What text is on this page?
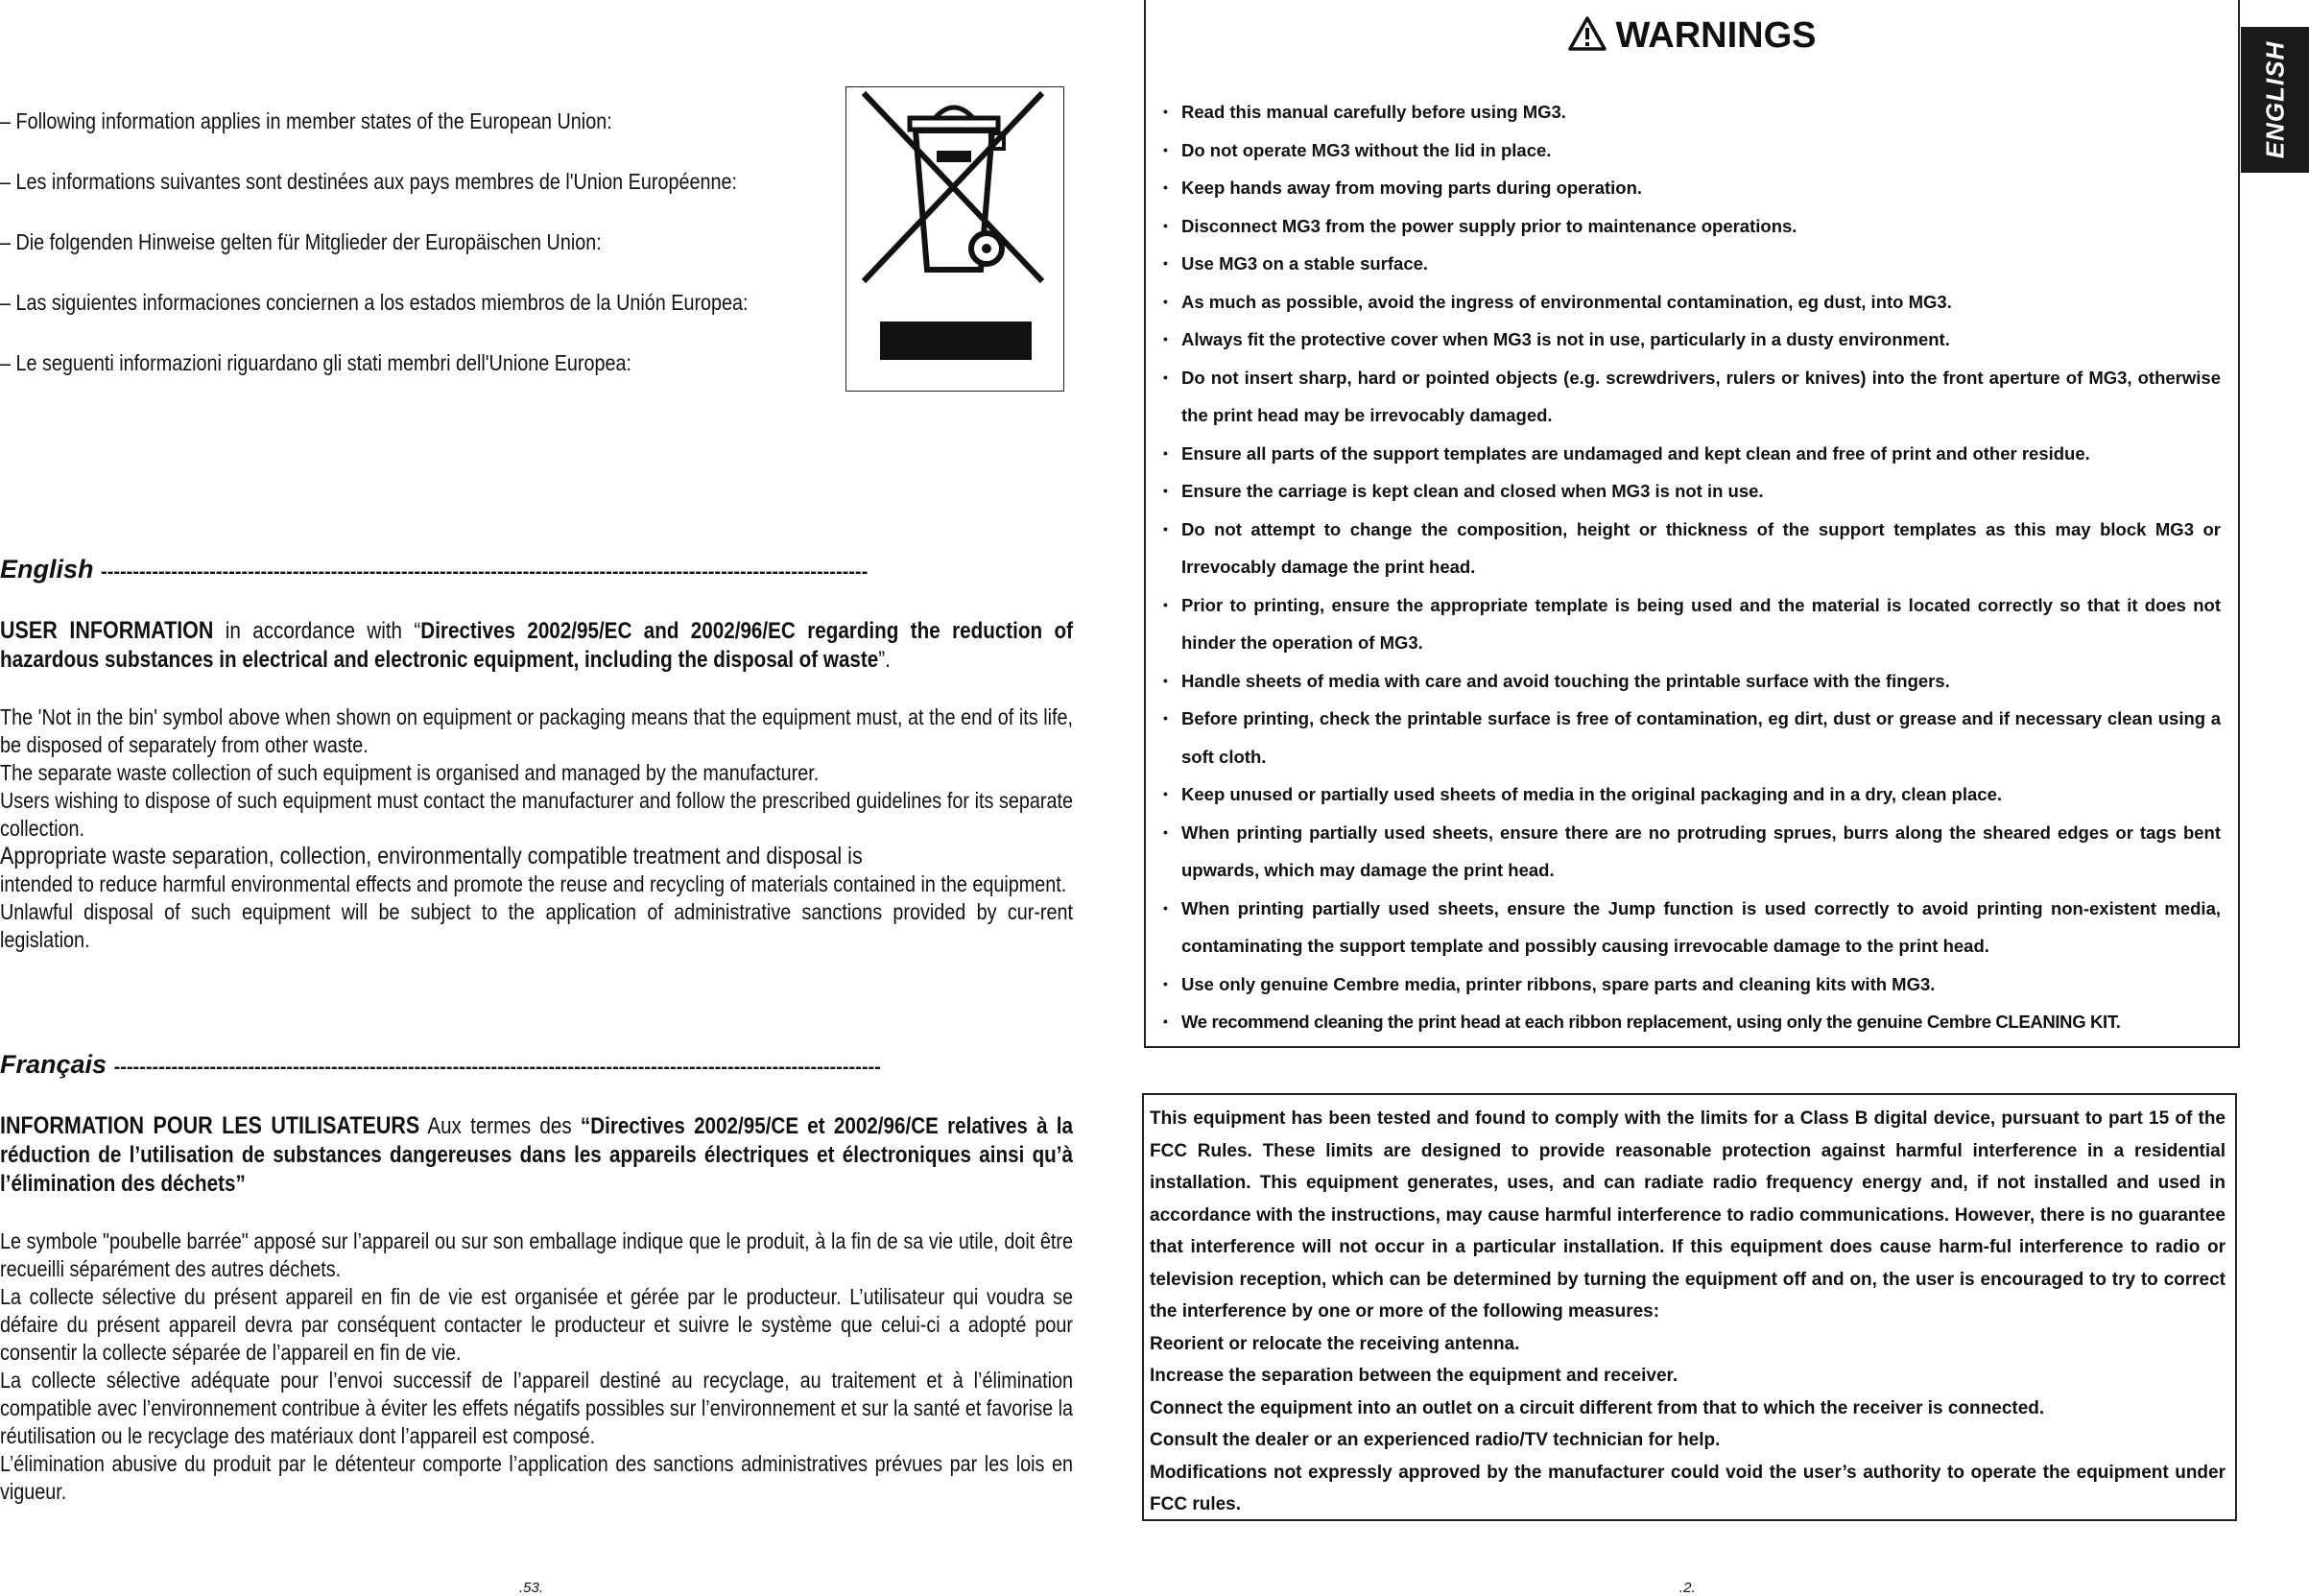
– Following information applies in member states of the European Union:
– Les informations suivantes sont destinées aux pays membres de l'Union Européenne:
– Die folgenden Hinweise gelten für Mitglieder der Europäischen Union:
– Las siguientes informaciones conciernen a los estados miembros de la Unión Europea:
– Le seguenti informazioni riguardano gli stati membri dell'Unione Europea:
English ------------------------------------------------------------------------------------------------------------------------
USER INFORMATION in accordance with “Directives 2002/95/EC and 2002/96/EC regarding the reduction of hazardous substances in electrical and electronic equipment, including the disposal of waste”.

The 'Not in the bin' symbol above when shown on equipment or packaging means that the equipment must, at the end of its life, be disposed of separately from other waste.

The separate waste collection of such equipment is organised and managed by the manufacturer.

Users wishing to dispose of such equipment must contact the manufacturer and follow the prescribed guidelines for its separate collection.

Appropriate waste separation, collection, environmentally compatible treatment and disposal is

intended to reduce harmful environmental effects and promote the reuse and recycling of materials contained in the equipment.

Unlawful disposal of such equipment will be subject to the application of administrative sanctions provided by cur-rent legislation.

Français ------------------------------------------------------------------------------------------------------------------------
INFORMATION POUR LES UTILISATEURS Aux termes des “Directives 2002/95/CE et 2002/96/CE relatives à la réduction de l’utilisation de substances dangereuses dans les appareils électriques et électroniques ainsi qu’à l’élimination des déchets”

Le symbole "poubelle barrée" apposé sur l’appareil ou sur son emballage indique que le produit, à la fin de sa vie utile, doit être recueilli séparément des autres déchets.

La collecte sélective du présent appareil en fin de vie est organisée et gérée par le producteur. L’utilisateur qui voudra se défaire du présent appareil devra par conséquent contacter le producteur et suivre le système que celui-ci a adopté pour consentir la collecte séparée de l’appareil en fin de vie.

La collecte sélective adéquate pour l’envoi successif de l’appareil destiné au recyclage, au traitement et à l’élimination compatible avec l’environnement contribue à éviter les effets négatifs possibles sur l’environnement et sur la santé et favorise la réutilisation ou le recyclage des matériaux dont l’appareil est composé.

L’élimination abusive du produit par le détenteur comporte l’application des sanctions administratives prévues par les lois en vigueur.

.53.
WARNINGS
• Read this manual carefully before using MG3.
• Do not operate MG3 without the lid in place.
• Keep hands away from moving parts during operation.
• Disconnect MG3 from the power supply prior to maintenance operations.
• Use MG3 on a stable surface.
• As much as possible, avoid the ingress of environmental contamination, eg dust, into MG3.
• Always fit the protective cover when MG3 is not in use, particularly in a dusty environment.
• Do not insert sharp, hard or pointed objects (e.g. screwdrivers, rulers or knives) into the front aperture of MG3, otherwise the print head may be irrevocably damaged.
• Ensure all parts of the support templates are undamaged and kept clean and free of print and other residue.
• Ensure the carriage is kept clean and closed when MG3 is not in use.
• Do not attempt to change the composition, height or thickness of the support templates as this may block MG3 or Irrevocably damage the print head.
• Prior to printing, ensure the appropriate template is being used and the material is located correctly so that it does not hinder the operation of MG3.
• Handle sheets of media with care and avoid touching the printable surface with the fingers.
• Before printing, check the printable surface is free of contamination, eg dirt, dust or grease and if necessary clean using a soft cloth.
• Keep unused or partially used sheets of media in the original packaging and in a dry, clean place.
• When printing partially used sheets, ensure there are no protruding sprues, burrs along the sheared edges or tags bent upwards, which may damage the print head.
• When printing partially used sheets, ensure the Jump function is used correctly to avoid printing non-existent media, contaminating the support template and possibly causing irrevocable damage to the print head.
• Use only genuine Cembre media, printer ribbons, spare parts and cleaning kits with MG3.
• We recommend cleaning the print head at each ribbon replacement, using only the genuine Cembre CLEANING KIT.

This equipment has been tested and found to comply with the limits for a Class B digital device, pursuant to part 15 of the FCC Rules. These limits are designed to provide reasonable protection against harmful interference in a residential installation. This equipment generates, uses, and can radiate radio frequency energy and, if not installed and used in accordance with the instructions, may cause harmful interference to radio communications. However, there is no guarantee that interference will not occur in a particular installation. If this equipment does cause harm-ful interference to radio or television reception, which can be determined by turning the equipment off and on, the user is encouraged to try to correct the interference by one or more of the following measures:

Reorient or relocate the receiving antenna.

Increase the separation between the equipment and receiver.

Connect the equipment into an outlet on a circuit different from that to which the receiver is connected.

Consult the dealer or an experienced radio/TV technician for help.

Modifications not expressly approved by the manufacturer could void the user’s authority to operate the equipment under FCC rules.

ENGLISH
.2.
